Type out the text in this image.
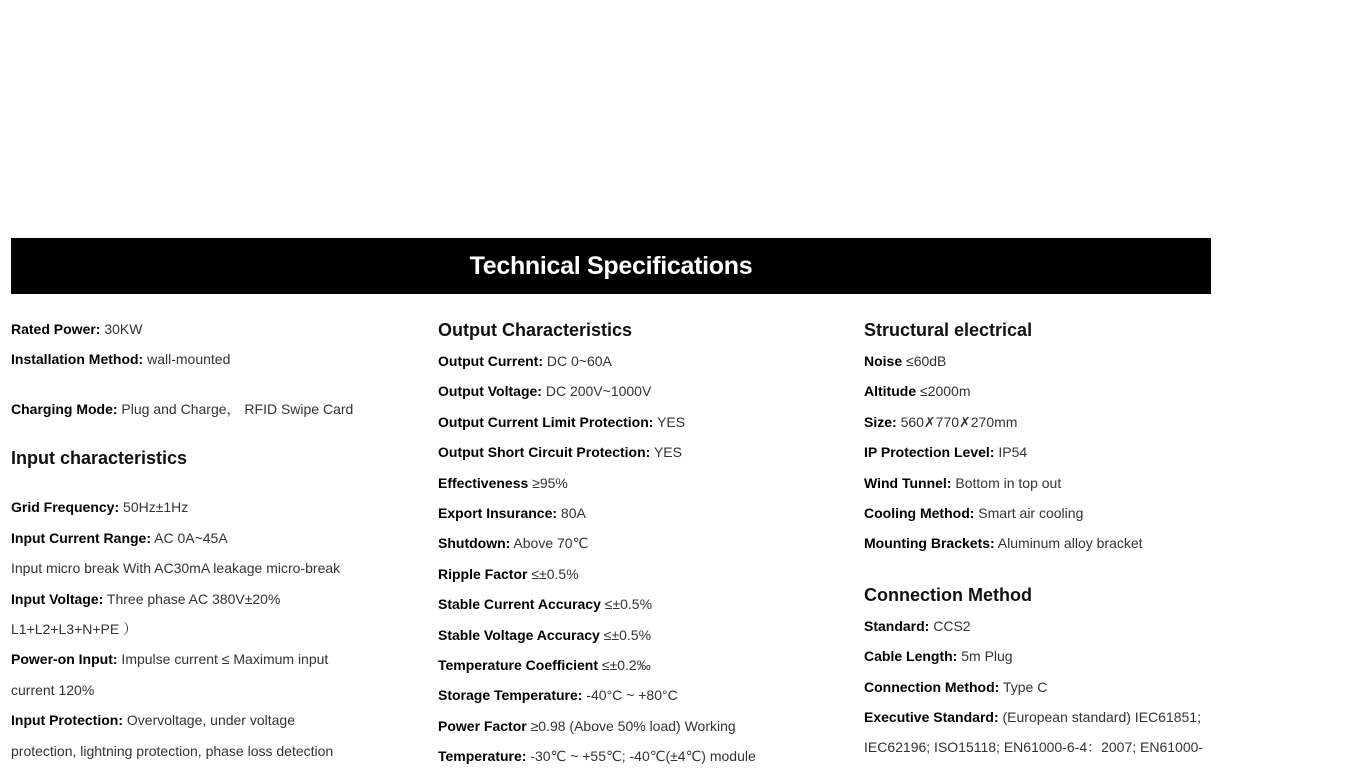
Technical Specifications
Rated Power: 30KW
Installation Method: wall-mounted
Charging Mode: Plug and Charge， RFID Swipe Card
Input characteristics
Grid Frequency: 50Hz±1Hz
Input Current Range: AC 0A~45A
Input micro break With AC30mA leakage micro-break
Input Voltage: Three phase AC 380V±20%
L1+L2+L3+N+PE ）
Power-on Input: Impulse current ≤ Maximum input
current 120%
Input Protection: Overvoltage, under voltage
protection, lightning protection, phase loss detection
Output Characteristics
Output Current: DC 0~60A
Output Voltage: DC 200V~1000V
Output Current Limit Protection: YES
Output Short Circuit Protection: YES
Effectiveness ≥95%
Export Insurance: 80A
Shutdown: Above 70℃
Ripple Factor ≤±0.5%
Stable Current Accuracy ≤±0.5%
Stable Voltage Accuracy ≤±0.5%
Temperature Coefficient ≤±0.2‰
Storage Temperature: -40°C ~ +80°C
Power Factor ≥0.98 (Above 50% load) Working
Temperature: -30℃ ~ +55℃; -40℃(±4℃) module
Structural electrical
Noise ≤60dB
Altitude ≤2000m
Size: 560✗770✗270mm
IP Protection Level: IP54
Wind Tunnel: Bottom in top out
Cooling Method: Smart air cooling
Mounting Brackets: Aluminum alloy bracket
Connection Method
Standard: CCS2
Cable Length: 5m Plug
Connection Method: Type C
Executive Standard: (European standard) IEC61851;
IEC62196; ISO15118; EN61000-6-4：2007; EN61000-
